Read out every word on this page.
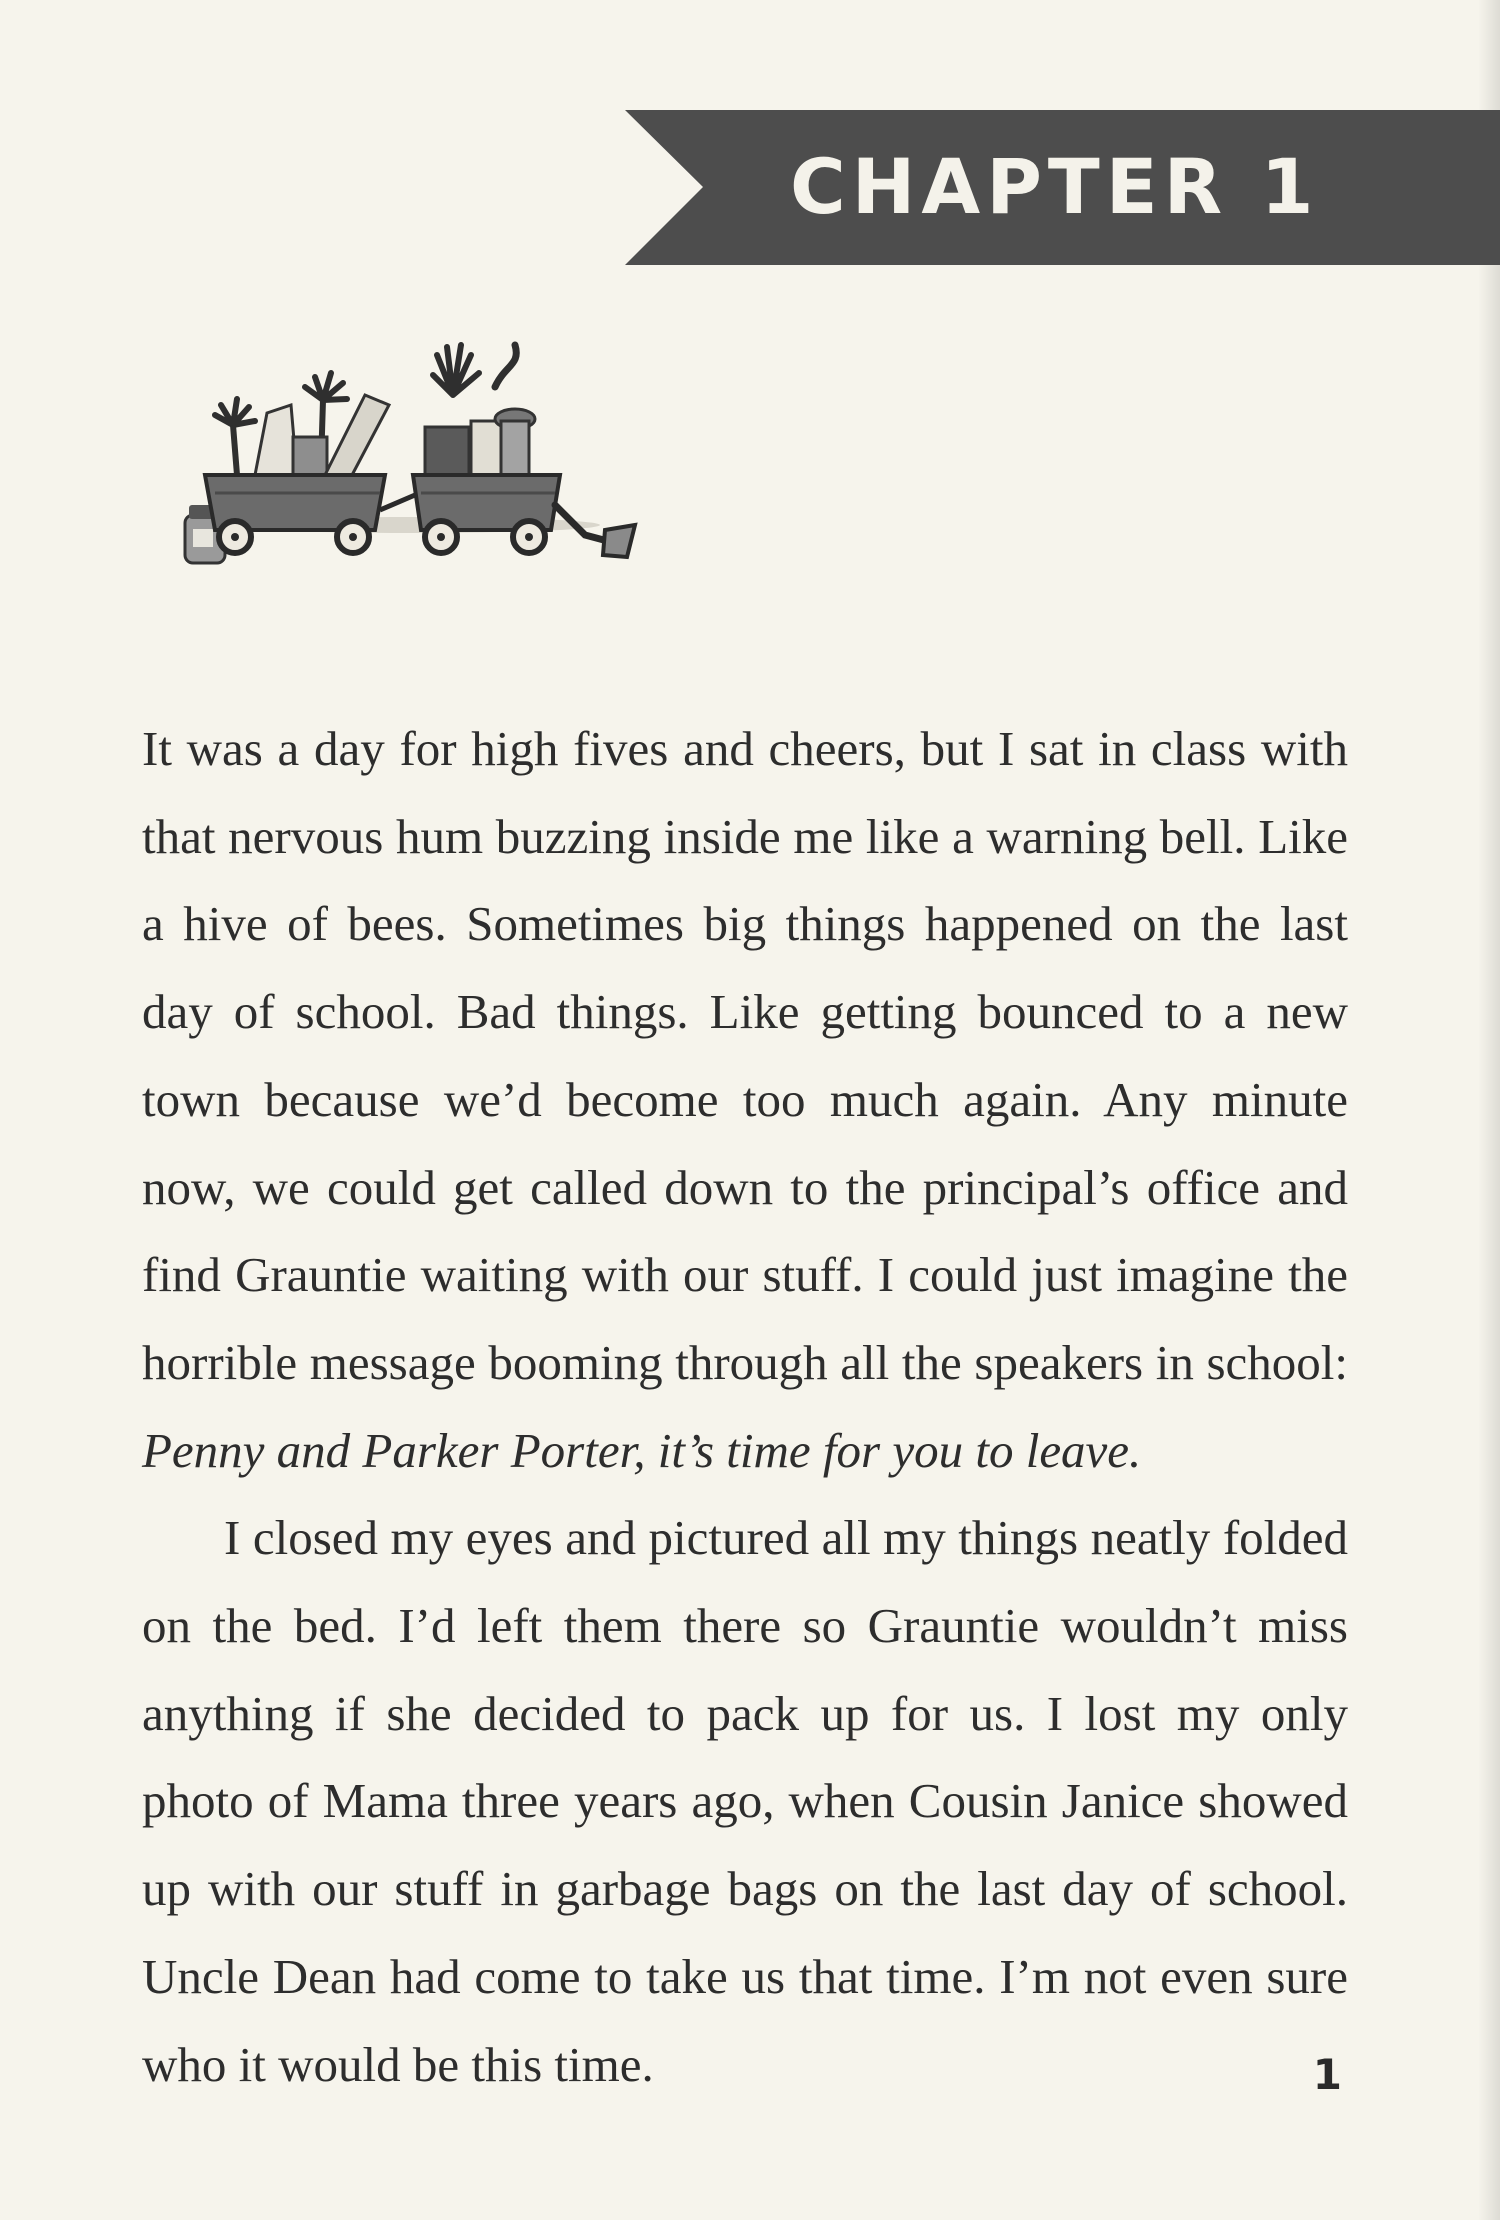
CHAPTER 1

It was a day for high fives and cheers, but I sat in class with that nervous hum buzzing inside me like a warning bell. Like a hive of bees. Sometimes big things happened on the last day of school. Bad things. Like getting bounced to a new town because we’d become too much again. Any minute now, we could get called down to the principal’s office and find Grauntie waiting with our stuff. I could just imagine the horrible message booming through all the speakers in school: Penny and Parker Porter, it’s time for you to leave.

I closed my eyes and pictured all my things neatly folded on the bed. I’d left them there so Grauntie wouldn’t miss anything if she decided to pack up for us. I lost my only photo of Mama three years ago, when Cousin Janice showed up with our stuff in garbage bags on the last day of school. Uncle Dean had come to take us that time. I’m not even sure who it would be this time.	1
